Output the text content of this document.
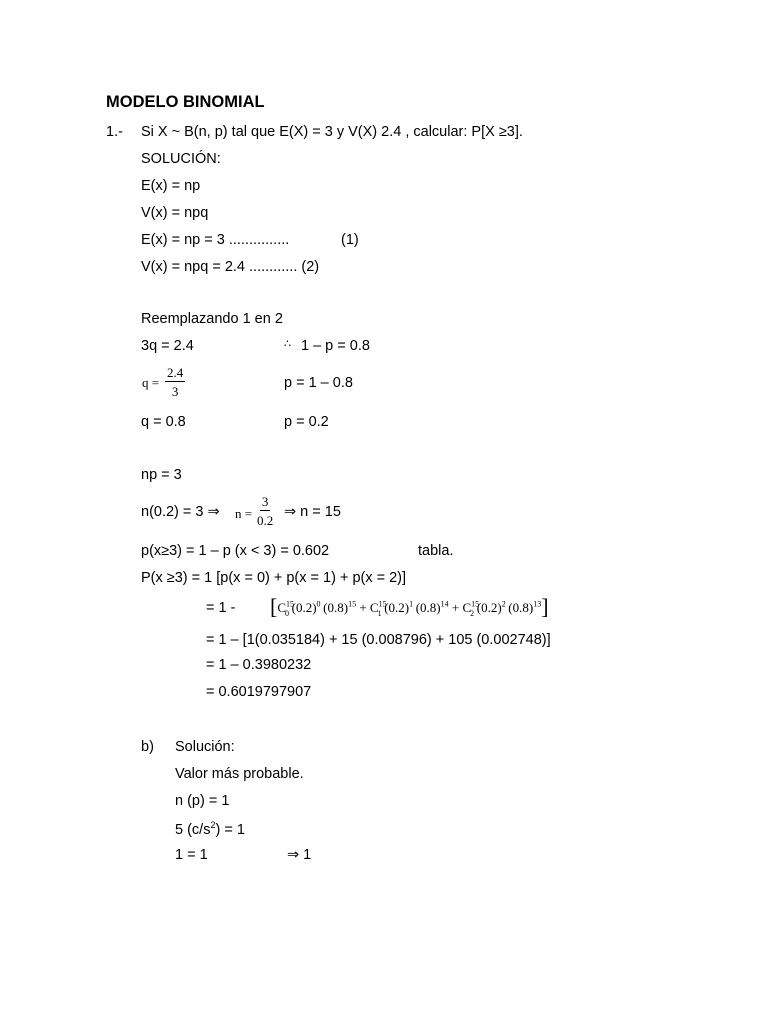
MODELO BINOMIAL
1.- Si X ~ B(n, p) tal que E(X) = 3 y V(X) 2.4 , calcular: P[X ≥3].
SOLUCIÓN:
E(x) = np
V(x) = npq
E(x) = np = 3 ...............	(1)
V(x) = npq = 2.4 ............ (2)
Reemplazando 1 en 2
3q = 2.4	∴ 1 – p = 0.8
$q = \frac{2.4}{3}$	p = 1 – 0.8
q = 0.8	p = 0.2
np = 3
n(0.2) = 3 ⇒ $n = \frac{3}{0.2}$ ⇒ n = 15
p(x≥3) = 1 – p (x < 3) = 0.602	tabla.
P(x ≥3) = 1 [p(x = 0) + p(x = 1) + p(x = 2)]
= $1 - [C^{15}_0$  $(0.2)^0$  $(0.8)^{15} + C^{15}_1$  $(0.2)^1$  $(0.8)^{14} + C^{15}_2$  $(0.2)^2$  $(0.8)^{13}$]
= 1 – [1(0.035184) + 15 (0.008796) + 105 (0.002748)]
= 1 – 0.3980232
= 0.6019797907
b) Solución:
Valor más probable.
n (p) = 1
5 $(c/s^2) = 1$
1 = 1	⇒ 1
